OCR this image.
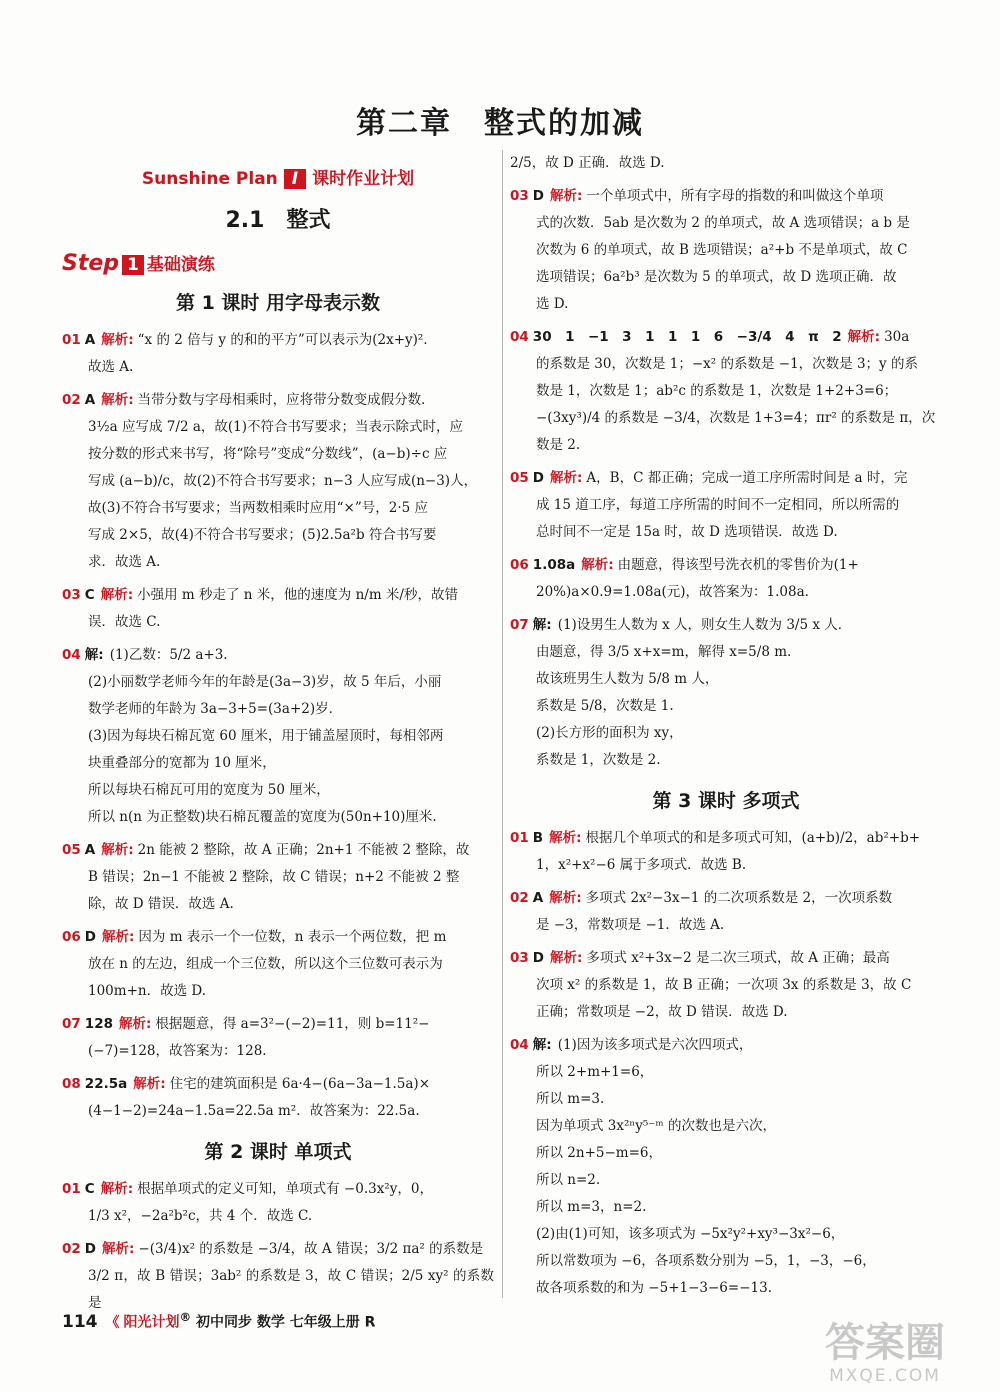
第二章　整式的加减
Sunshine Plan I 课时作业计划
2.1　整式
Step 1 基础演练
第 1 课时 用字母表示数
01 A 解析: “x 的 2 倍与 y 的和的平方”可以表示为(2x+y)²．
故选 A.
02 A 解析: 当带分数与字母相乘时，应将带分数变成假分数．
3½a 应写成 7/2 a，故(1)不符合书写要求；当表示除式时，应
按分数的形式来书写，将“除号”变成“分数线”，(a−b)÷c 应
写成 (a−b)/c，故(2)不符合书写要求；n−3 人应写成(n−3)人，
故(3)不符合书写要求；当两数相乘时应用“×”号，2·5 应
写成 2×5，故(4)不符合书写要求；(5)2.5a²b 符合书写要
求．故选 A.
03 C 解析: 小强用 m 秒走了 n 米，他的速度为 n/m 米/秒，故错
误．故选 C.
04 解: (1)乙数：5/2 a+3.
(2)小丽数学老师今年的年龄是(3a−3)岁，故 5 年后，小丽
数学老师的年龄为 3a−3+5=(3a+2)岁．
(3)因为每块石棉瓦宽 60 厘米，用于铺盖屋顶时，每相邻两
块重叠部分的宽都为 10 厘米，
所以每块石棉瓦可用的宽度为 50 厘米，
所以 n(n 为正整数)块石棉瓦覆盖的宽度为(50n+10)厘米.
05 A 解析: 2n 能被 2 整除，故 A 正确；2n+1 不能被 2 整除，故
B 错误；2n−1 不能被 2 整除，故 C 错误；n+2 不能被 2 整
除，故 D 错误．故选 A.
06 D 解析: 因为 m 表示一个一位数，n 表示一个两位数，把 m
放在 n 的左边，组成一个三位数，所以这个三位数可表示为
100m+n．故选 D.
07 128 解析: 根据题意，得 a=3²−(−2)=11，则 b=11²−
(−7)=128，故答案为：128.
08 22.5a 解析: 住宅的建筑面积是 6a·4−(6a−3a−1.5a)×
(4−1−2)=24a−1.5a=22.5a m²．故答案为：22.5a.
第 2 课时 单项式
01 C 解析: 根据单项式的定义可知，单项式有 −0.3x²y，0，
1/3 x²，−2a²b²c，共 4 个．故选 C.
02 D 解析: −(3/4)x² 的系数是 −3/4，故 A 错误；3/2 πa² 的系数是
3/2 π，故 B 错误；3ab² 的系数是 3，故 C 错误；2/5 xy² 的系数是
2/5，故 D 正确．故选 D.
03 D 解析: 一个单项式中，所有字母的指数的和叫做这个单项
式的次数．5ab 是次数为 2 的单项式，故 A 选项错误；a b 是
次数为 6 的单项式，故 B 选项错误；a²+b 不是单项式，故 C
选项错误；6a²b³ 是次数为 5 的单项式，故 D 选项正确．故
选 D.
04 30　1　−1　3　1　1　1　6　−3/4　4　π　2 解析: 30a
的系数是 30，次数是 1；−x² 的系数是 −1，次数是 3；y 的系
数是 1，次数是 1；ab²c 的系数是 1，次数是 1+2+3=6；
−(3xy³)/4 的系数是 −3/4，次数是 1+3=4；πr² 的系数是 π，次
数是 2.
05 D 解析: A，B，C 都正确；完成一道工序所需时间是 a 时，完
成 15 道工序，每道工序所需的时间不一定相同，所以所需的
总时间不一定是 15a 时，故 D 选项错误．故选 D.
06 1.08a 解析: 由题意，得该型号洗衣机的零售价为(1+
20%)a×0.9=1.08a(元)，故答案为：1.08a.
07 解: (1)设男生人数为 x 人，则女生人数为 3/5 x 人．
由题意，得 3/5 x+x=m，解得 x=5/8 m.
故该班男生人数为 5/8 m 人，
系数是 5/8，次数是 1.
(2)长方形的面积为 xy，
系数是 1，次数是 2.
第 3 课时 多项式
01 B 解析: 根据几个单项式的和是多项式可知，(a+b)/2，ab²+b+
1，x²+x²−6 属于多项式．故选 B.
02 A 解析: 多项式 2x²−3x−1 的二次项系数是 2，一次项系数
是 −3，常数项是 −1．故选 A.
03 D 解析: 多项式 x²+3x−2 是二次三项式，故 A 正确；最高
次项 x² 的系数是 1，故 B 正确；一次项 3x 的系数是 3，故 C
正确；常数项是 −2，故 D 错误．故选 D.
04 解: (1)因为该多项式是六次四项式，
所以 2+m+1=6，
所以 m=3.
因为单项式 3x²ⁿy⁵⁻ᵐ 的次数也是六次，
所以 2n+5−m=6，
所以 n=2.
所以 m=3，n=2.
(2)由(1)可知，该多项式为 −5x²y²+xy³−3x²−6，
所以常数项为 −6，各项系数分别为 −5，1，−3，−6，
故各项系数的和为 −5+1−3−6=−13.
114 《 阳光计划® 初中同步 数学 七年级上册 R	答案圈
MXQE.COM
